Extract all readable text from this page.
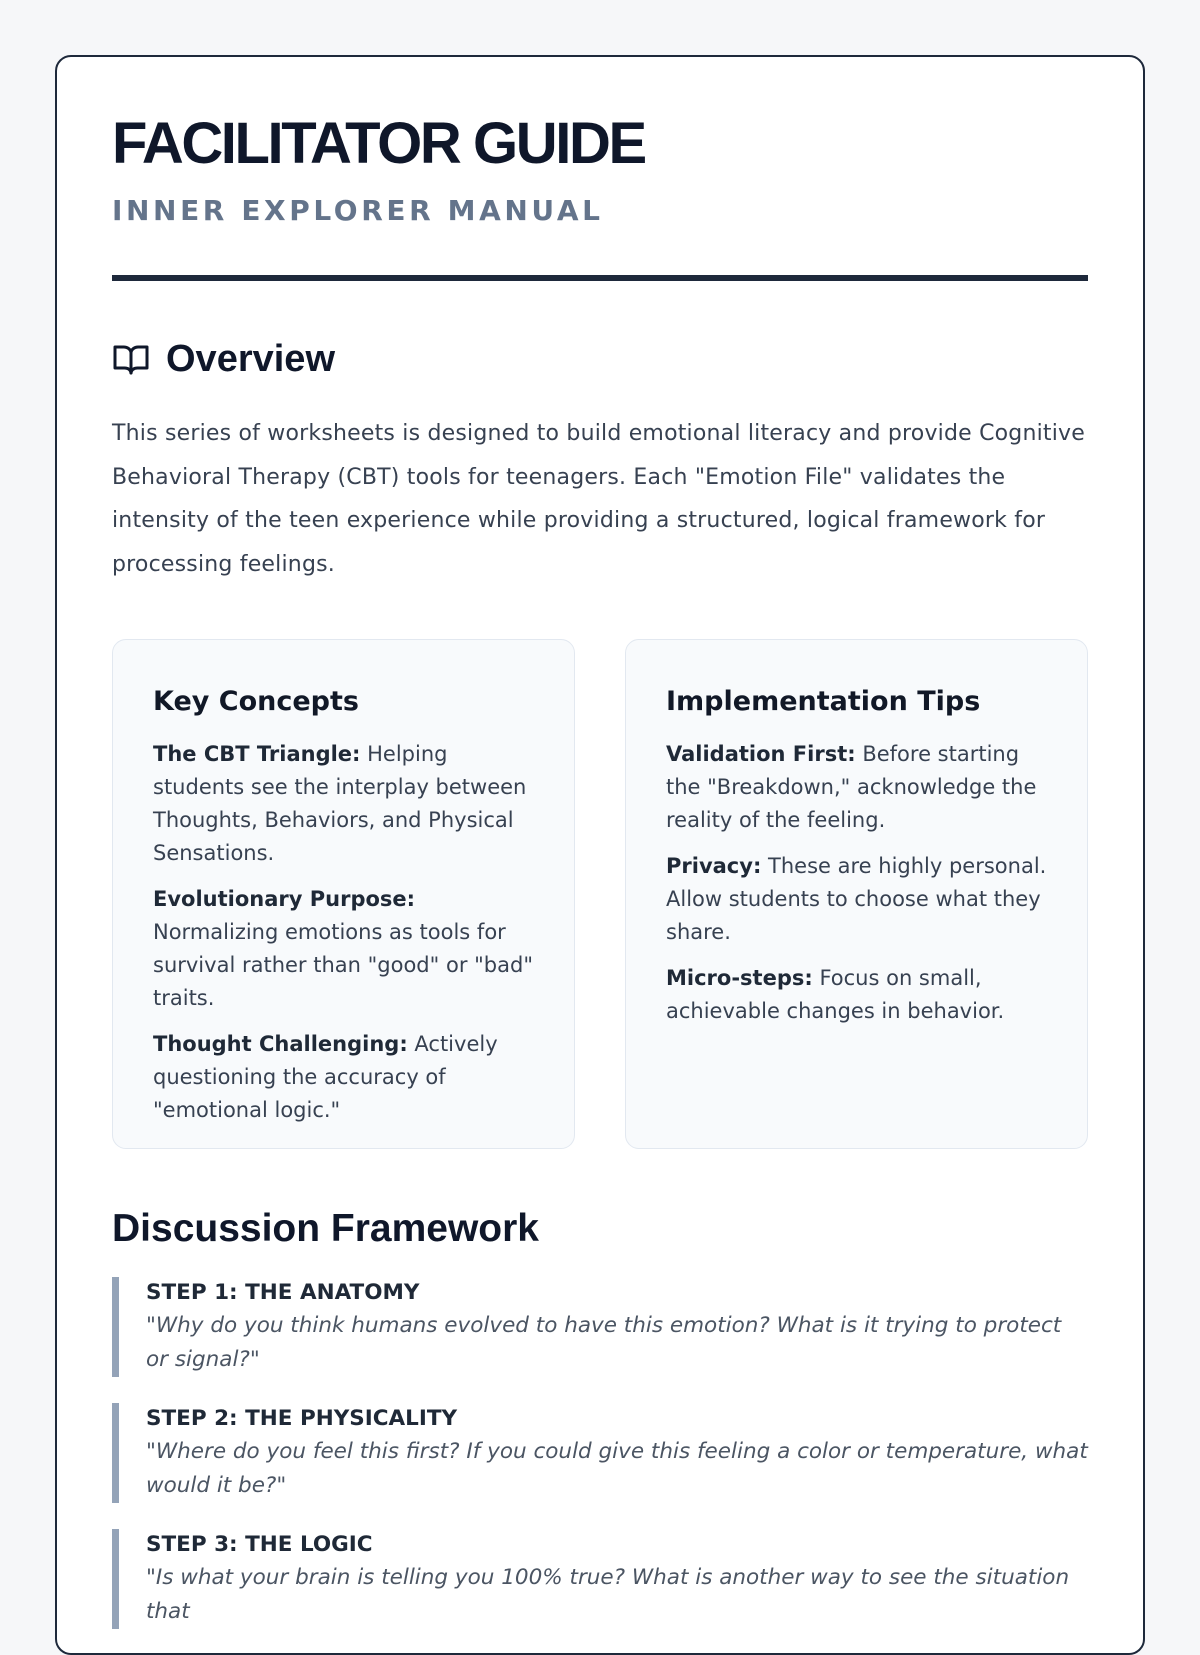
FACILITATOR GUIDE
INNER EXPLORER MANUAL
Overview

This series of worksheets is designed to build emotional literacy and provide Cognitive Behavioral Therapy (CBT) tools for teenagers. Each "Emotion File" validates the intensity of the teen experience while providing a structured, logical framework for processing feelings.

Key Concepts

The CBT Triangle: Helping students see the interplay between Thoughts, Behaviors, and Physical Sensations.

Evolutionary Purpose: Normalizing emotions as tools for survival rather than "good" or "bad" traits.

Thought Challenging: Actively questioning the accuracy of "emotional logic."

Implementation Tips

Validation First: Before starting the "Breakdown," acknowledge the reality of the feeling.

Privacy: These are highly personal. Allow students to choose what they share.

Micro-steps: Focus on small, achievable changes in behavior.

Discussion Framework
STEP 1: THE ANATOMY
"Why do you think humans evolved to have this emotion? What is it trying to protect or signal?"
STEP 2: THE PHYSICALITY
"Where do you feel this first? If you could give this feeling a color or temperature, what would it be?"
STEP 3: THE LOGIC
"Is what your brain is telling you 100% true? What is another way to see the situation that
